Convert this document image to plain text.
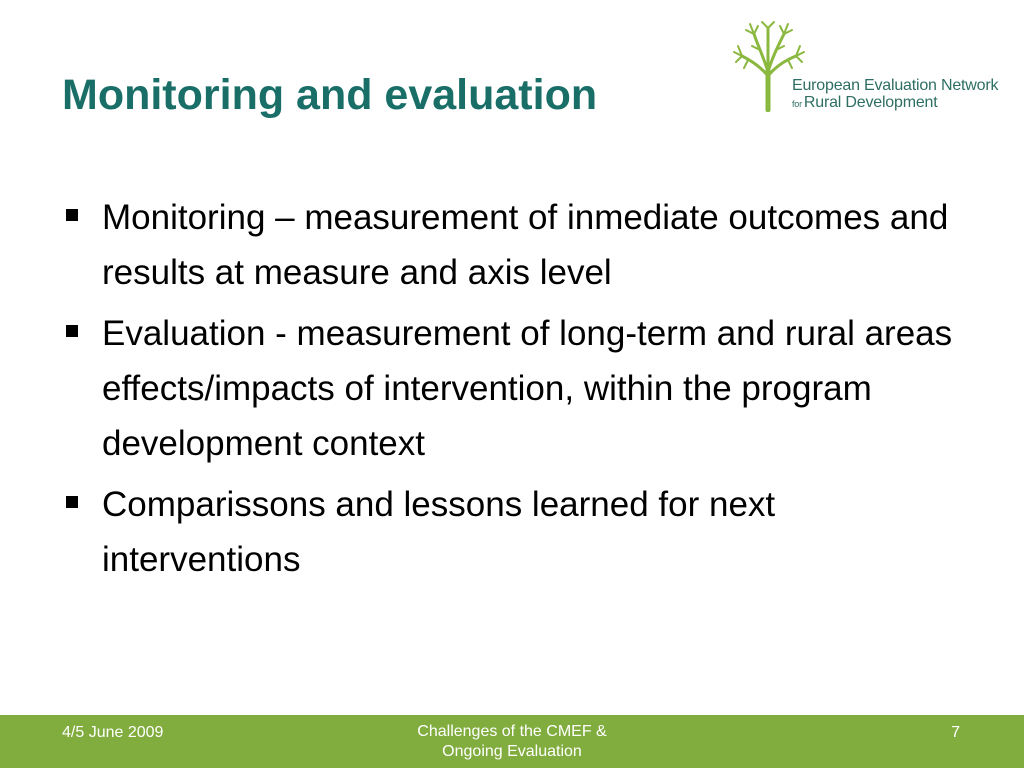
Monitoring and evaluation	European Evaluation Network
for Rural Development
Monitoring – measurement of inmediate outcomes and results at measure and axis level
Evaluation - measurement of long-term and rural areas effects/impacts of intervention, within the program development context
Comparissons and lessons learned for next interventions
4/5 June 2009	Challenges of the CMEF &
Ongoing Evaluation
7
